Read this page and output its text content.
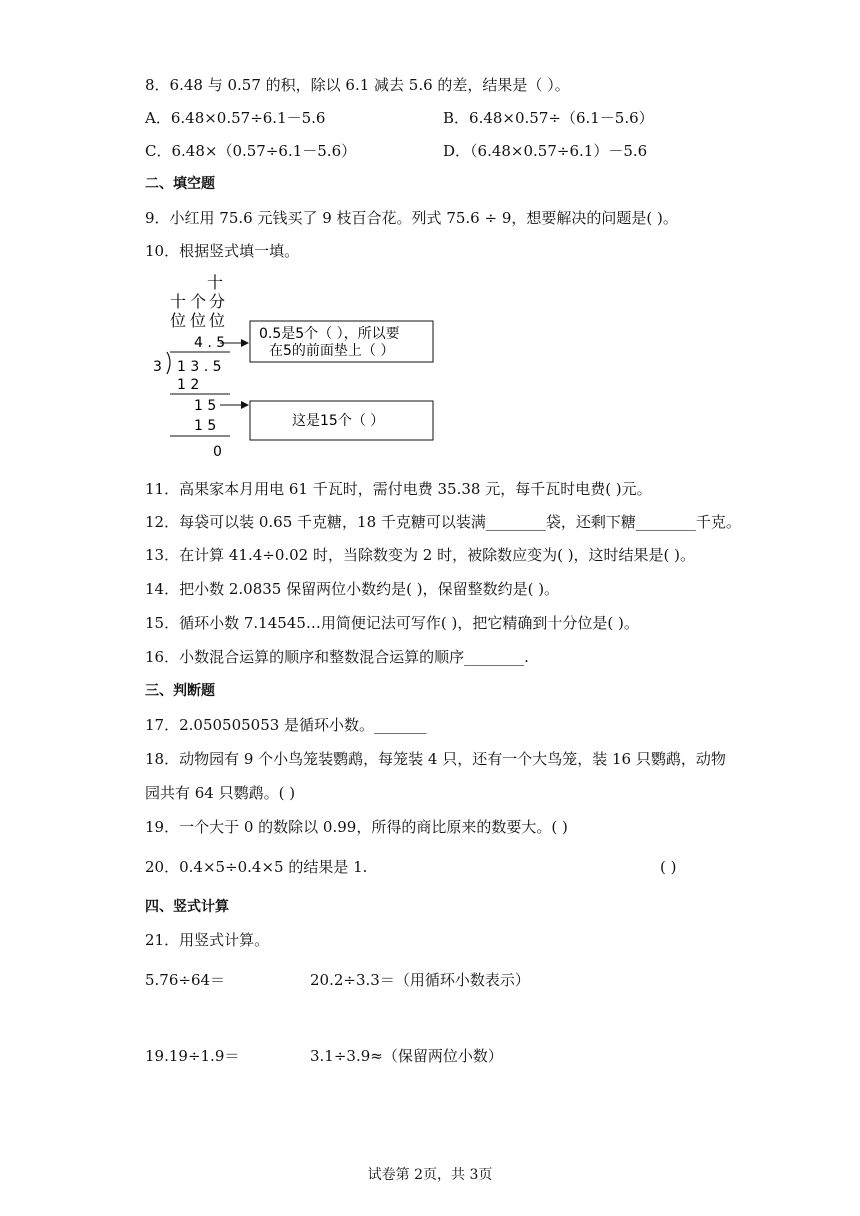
8．6.48 与 0.57 的积，除以 6.1 减去 5.6 的差，结果是（ ）。
A．6.48×0.57÷6.1－5.6	B．6.48×0.57÷（6.1－5.6）
C．6.48×（0.57÷6.1－5.6）	D．（6.48×0.57÷6.1）－5.6
二、填空题
9．小红用 75.6 元钱买了 9 枝百合花。列式 75.6 ÷ 9，想要解决的问题是( )。
10．根据竖式填一填。
十
十 个 分
位 位 位
4 . 5
3 1 3 . 5
1 2
1 5
1 5
0
0.5是5个（ ），所以要
在5的前面垫上（ ）
这是15个（ ）
11．高果家本月用电 61 千瓦时，需付电费 35.38 元，每千瓦时电费( )元。
12．每袋可以装 0.65 千克糖，18 千克糖可以装满________袋，还剩下糖________千克。
13．在计算 41.4÷0.02 时，当除数变为 2 时，被除数应变为( )，这时结果是( )。
14．把小数 2.0835 保留两位小数约是( )，保留整数约是( )。
15．循环小数 7.14545…用简便记法可写作( )，把它精确到十分位是( )。
16．小数混合运算的顺序和整数混合运算的顺序________.
三、判断题
17．2.050505053 是循环小数。_______
18．动物园有 9 个小鸟笼装鹦鹉，每笼装 4 只，还有一个大鸟笼，装 16 只鹦鹉，动物
园共有 64 只鹦鹉。( )
19．一个大于 0 的数除以 0.99，所得的商比原来的数要大。( )
20．0.4×5÷0.4×5 的结果是 1.	( )
四、竖式计算
21．用竖式计算。
5.76÷64＝	20.2÷3.3＝（用循环小数表示）
19.19÷1.9＝	3.1÷3.9≈（保留两位小数）
试卷第 2页，共 3页
